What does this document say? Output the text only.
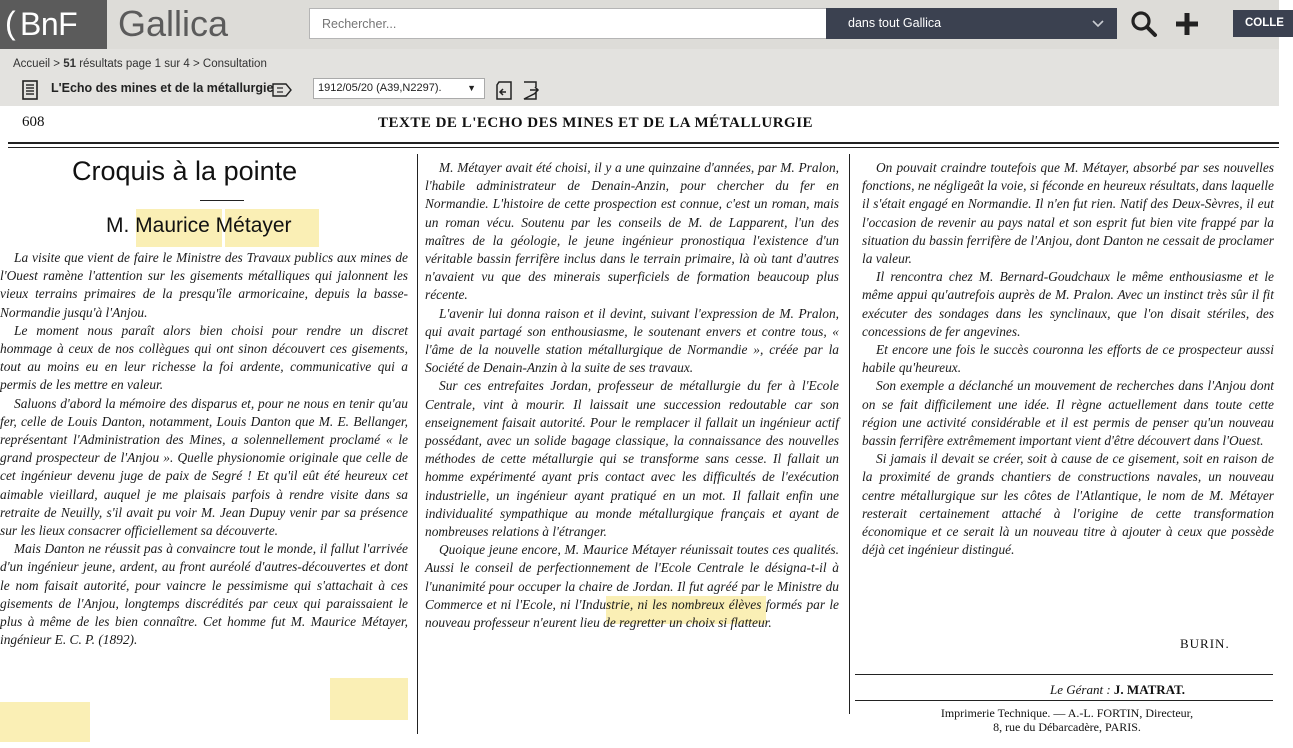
( BnF Gallica
Rechercher...	dans tout Gallica	COLLE
Accueil > 51 résultats page 1 sur 4 > Consultation
L'Echo des mines et de la métallurgie	1912/05/20 (A39,N2297).	▼
608	TEXTE DE L'ECHO DES MINES ET DE LA MÉTALLURGIE
Croquis à la pointe
M. Maurice Métayer

La visite que vient de faire le Ministre des Travaux publics aux mines de l'Ouest ramène l'attention sur les gisements métalliques qui jalonnent les vieux terrains primaires de la presqu'île armoricaine, depuis la basse-Normandie jusqu'à l'Anjou.

Le moment nous paraît alors bien choisi pour rendre un discret hommage à ceux de nos collègues qui ont sinon découvert ces gisements, tout au moins eu en leur richesse la foi ardente, communicative qui a permis de les mettre en valeur.

Saluons d'abord la mémoire des disparus et, pour ne nous en tenir qu'au fer, celle de Louis Danton, notamment, Louis Danton que M. E. Bellanger, représentant l'Administration des Mines, a solennellement proclamé « le grand prospecteur de l'Anjou ». Quelle physionomie originale que celle de cet ingénieur devenu juge de paix de Segré ! Et qu'il eût été heureux cet aimable vieillard, auquel je me plaisais parfois à rendre visite dans sa retraite de Neuilly, s'il avait pu voir M. Jean Dupuy venir par sa présence sur les lieux consacrer officiellement sa découverte.

Mais Danton ne réussit pas à convaincre tout le monde, il fallut l'arrivée d'un ingénieur jeune, ardent, au front auréolé d'autres-découvertes et dont le nom faisait autorité, pour vaincre le pessimisme qui s'attachait à ces gisements de l'Anjou, longtemps discrédités par ceux qui paraissaient le plus à même de les bien connaître. Cet homme fut M. Maurice Métayer, ingénieur E. C. P. (1892).

M. Métayer avait été choisi, il y a une quinzaine d'années, par M. Pralon, l'habile administrateur de Denain-Anzin, pour chercher du fer en Normandie. L'histoire de cette prospection est connue, c'est un roman, mais un roman vécu. Soutenu par les conseils de M. de Lapparent, l'un des maîtres de la géologie, le jeune ingénieur pronostiqua l'existence d'un véritable bassin ferrifère inclus dans le terrain primaire, là où tant d'autres n'avaient vu que des minerais superficiels de formation beaucoup plus récente.

L'avenir lui donna raison et il devint, suivant l'expression de M. Pralon, qui avait partagé son enthousiasme, le soutenant envers et contre tous, « l'âme de la nouvelle station métallurgique de Normandie », créée par la Société de Denain-Anzin à la suite de ses travaux.

Sur ces entrefaites Jordan, professeur de métallurgie du fer à l'Ecole Centrale, vint à mourir. Il laissait une succession redoutable car son enseignement faisait autorité. Pour le remplacer il fallait un ingénieur actif possédant, avec un solide bagage classique, la connaissance des nouvelles méthodes de cette métallurgie qui se transforme sans cesse. Il fallait un homme expérimenté ayant pris contact avec les difficultés de l'exécution industrielle, un ingénieur ayant pratiqué en un mot. Il fallait enfin une individualité sympathique au monde métallurgique français et ayant de nombreuses relations à l'étranger.

Quoique jeune encore, M. Maurice Métayer réunissait toutes ces qualités. Aussi le conseil de perfectionnement de l'Ecole Centrale le désigna-t-il à l'unanimité pour occuper la chaire de Jordan. Il fut agréé par le Ministre du Commerce et ni l'Ecole, ni l'Industrie, ni les nombreux élèves formés par le nouveau professeur n'eurent lieu de regretter un choix si flatteur.

On pouvait craindre toutefois que M. Métayer, absorbé par ses nouvelles fonctions, ne négligeât la voie, si féconde en heureux résultats, dans laquelle il s'était engagé en Normandie. Il n'en fut rien. Natif des Deux-Sèvres, il eut l'occasion de revenir au pays natal et son esprit fut bien vite frappé par la situation du bassin ferrifère de l'Anjou, dont Danton ne cessait de proclamer la valeur.

Il rencontra chez M. Bernard-Goudchaux le même enthousiasme et le même appui qu'autrefois auprès de M. Pralon. Avec un instinct très sûr il fit exécuter des sondages dans les synclinaux, que l'on disait stériles, des concessions de fer angevines.

Et encore une fois le succès couronna les efforts de ce prospecteur aussi habile qu'heureux.

Son exemple a déclanché un mouvement de recherches dans l'Anjou dont on se fait difficilement une idée. Il règne actuellement dans toute cette région une activité considérable et il est permis de penser qu'un nouveau bassin ferrifère extrêmement important vient d'être découvert dans l'Ouest.

Si jamais il devait se créer, soit à cause de ce gisement, soit en raison de la proximité de grands chantiers de constructions navales, un nouveau centre métallurgique sur les côtes de l'Atlantique, le nom de M. Métayer resterait certainement attaché à l'origine de cette transformation économique et ce serait là un nouveau titre à ajouter à ceux que possède déjà cet ingénieur distingué.

BURIN.
Le Gérant : J. MATRAT.
Imprimerie Technique. — A.-L. FORTIN, Directeur,
8, rue du Débarcadère, PARIS.
